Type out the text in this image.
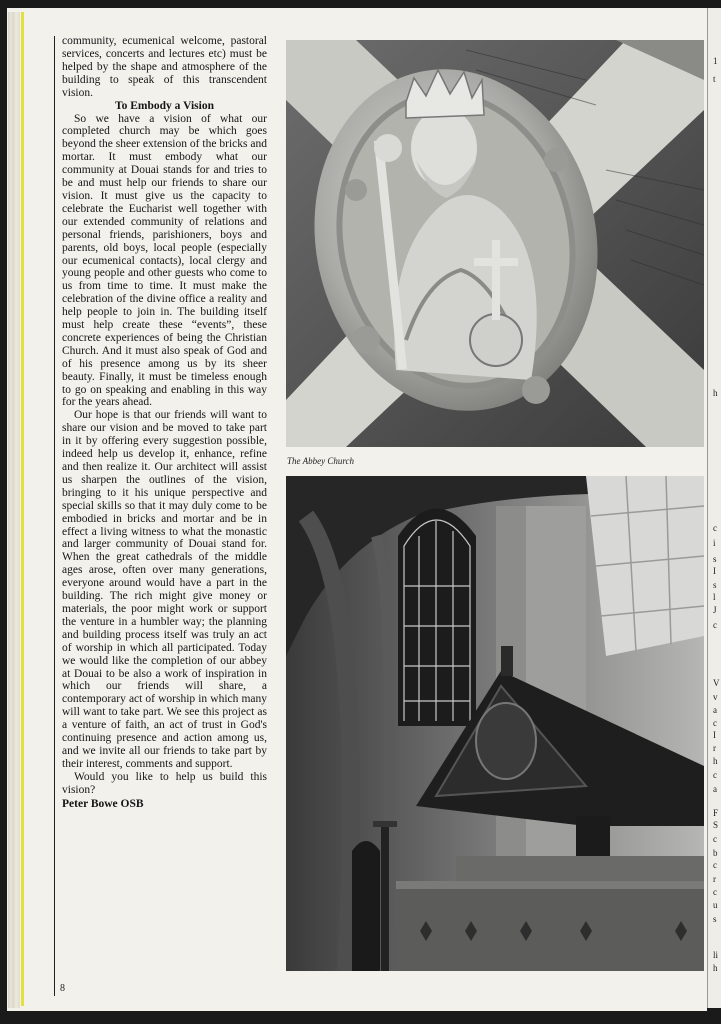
1
t
h
c
i
s
I
s
l
J
c
V
v
a
c
I
r
h
c
a
F
S
c
b
c
r
c
u
s
li
h

community, ecumenical welcome, pastoral services, concerts and lectures etc) must be helped by the shape and atmosphere of the building to speak of this transcendent vision.

To Embody a Vision

So we have a vision of what our completed church may be which goes beyond the sheer extension of the bricks and mortar. It must embody what our community at Douai stands for and tries to be and must help our friends to share our vision. It must give us the capacity to celebrate the Eucharist well together with our extended community of relations and personal friends, parishioners, boys and parents, old boys, local people (especially our ecumenical contacts), local clergy and young people and other guests who come to us from time to time. It must make the celebration of the divine office a reality and help people to join in. The building itself must help create these “events”, these concrete experiences of being the Christian Church. And it must also speak of God and of his presence among us by its sheer beauty. Finally, it must be timeless enough to go on speaking and enabling in this way for the years ahead.

Our hope is that our friends will want to share our vision and be moved to take part in it by offering every suggestion possible, indeed help us develop it, enhance, refine and then realize it. Our architect will assist us sharpen the outlines of the vision, bringing to it his unique perspective and special skills so that it may duly come to be embodied in bricks and mortar and be in effect a living witness to what the monastic and larger community of Douai stand for. When the great cathedrals of the middle ages arose, often over many generations, everyone around would have a part in the building. The rich might give money or materials, the poor might work or support the venture in a humbler way; the planning and building process itself was truly an act of worship in which all participated. Today we would like the completion of our abbey at Douai to be also a work of inspiration in which our friends will share, a contemporary act of worship in which many will want to take part. We see this project as a venture of faith, an act of trust in God's continuing presence and action among us, and we invite all our friends to take part by their interest, comments and support.

Would you like to help us build this vision?

Peter Bowe OSB
8
The Abbey Church
